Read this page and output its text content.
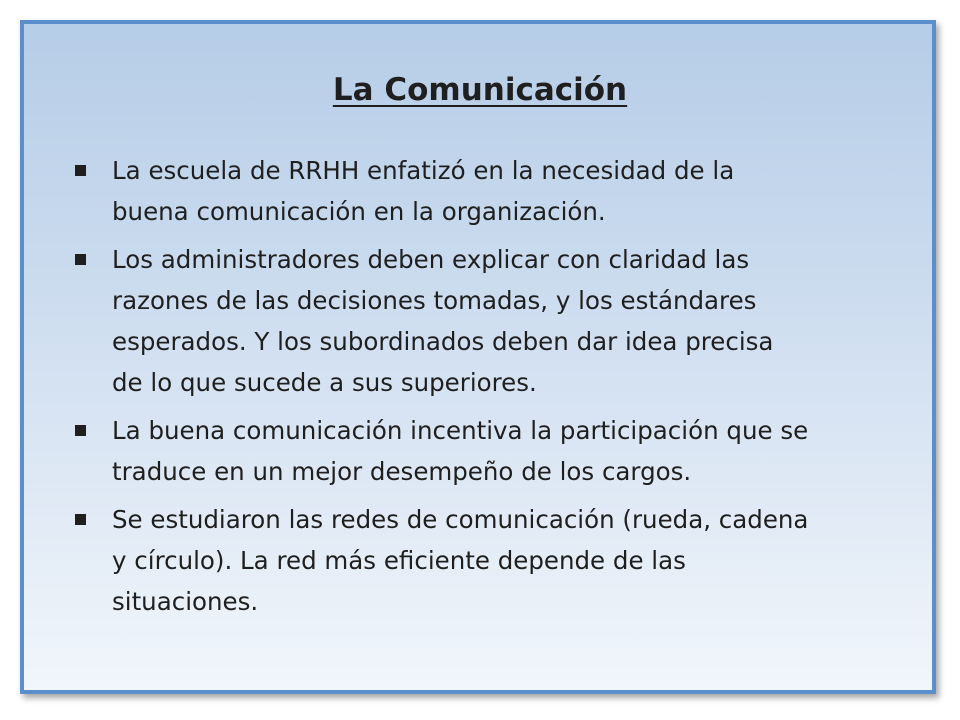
La Comunicación
La escuela de RRHH enfatizó en la necesidad de la
buena comunicación en la organización.
Los administradores deben explicar con claridad las
razones de las decisiones tomadas, y los estándares
esperados. Y los subordinados deben dar idea precisa
de lo que sucede a sus superiores.
La buena comunicación incentiva la participación que se
traduce en un mejor desempeño de los cargos.
Se estudiaron las redes de comunicación (rueda, cadena
y círculo). La red más eficiente depende de las
situaciones.
